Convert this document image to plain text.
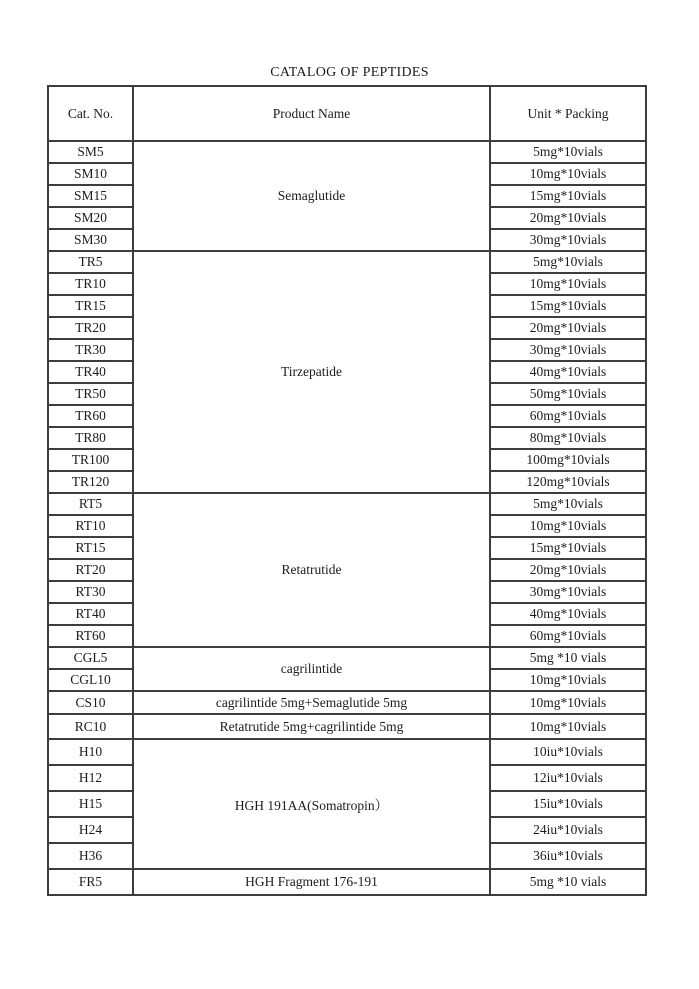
CATALOG OF PEPTIDES
Cat. No.	Product Name	Unit * Packing
SM5	Semaglutide	5mg*10vials
SM10		10mg*10vials
SM15		15mg*10vials
SM20		20mg*10vials
SM30		30mg*10vials
TR5	Tirzepatide	5mg*10vials
TR10		10mg*10vials
TR15		15mg*10vials
TR20		20mg*10vials
TR30		30mg*10vials
TR40		40mg*10vials
TR50		50mg*10vials
TR60		60mg*10vials
TR80		80mg*10vials
TR100		100mg*10vials
TR120		120mg*10vials
RT5	Retatrutide	5mg*10vials
RT10		10mg*10vials
RT15		15mg*10vials
RT20		20mg*10vials
RT30		30mg*10vials
RT40		40mg*10vials
RT60		60mg*10vials
CGL5	cagrilintide	5mg *10 vials
CGL10		10mg*10vials
CS10	cagrilintide 5mg+Semaglutide 5mg	10mg*10vials
RC10	Retatrutide 5mg+cagrilintide 5mg	10mg*10vials
H10	HGH 191AA(Somatropin）	10iu*10vials
H12		12iu*10vials
H15		15iu*10vials
H24		24iu*10vials
H36		36iu*10vials
FR5	HGH Fragment 176-191	5mg *10 vials
